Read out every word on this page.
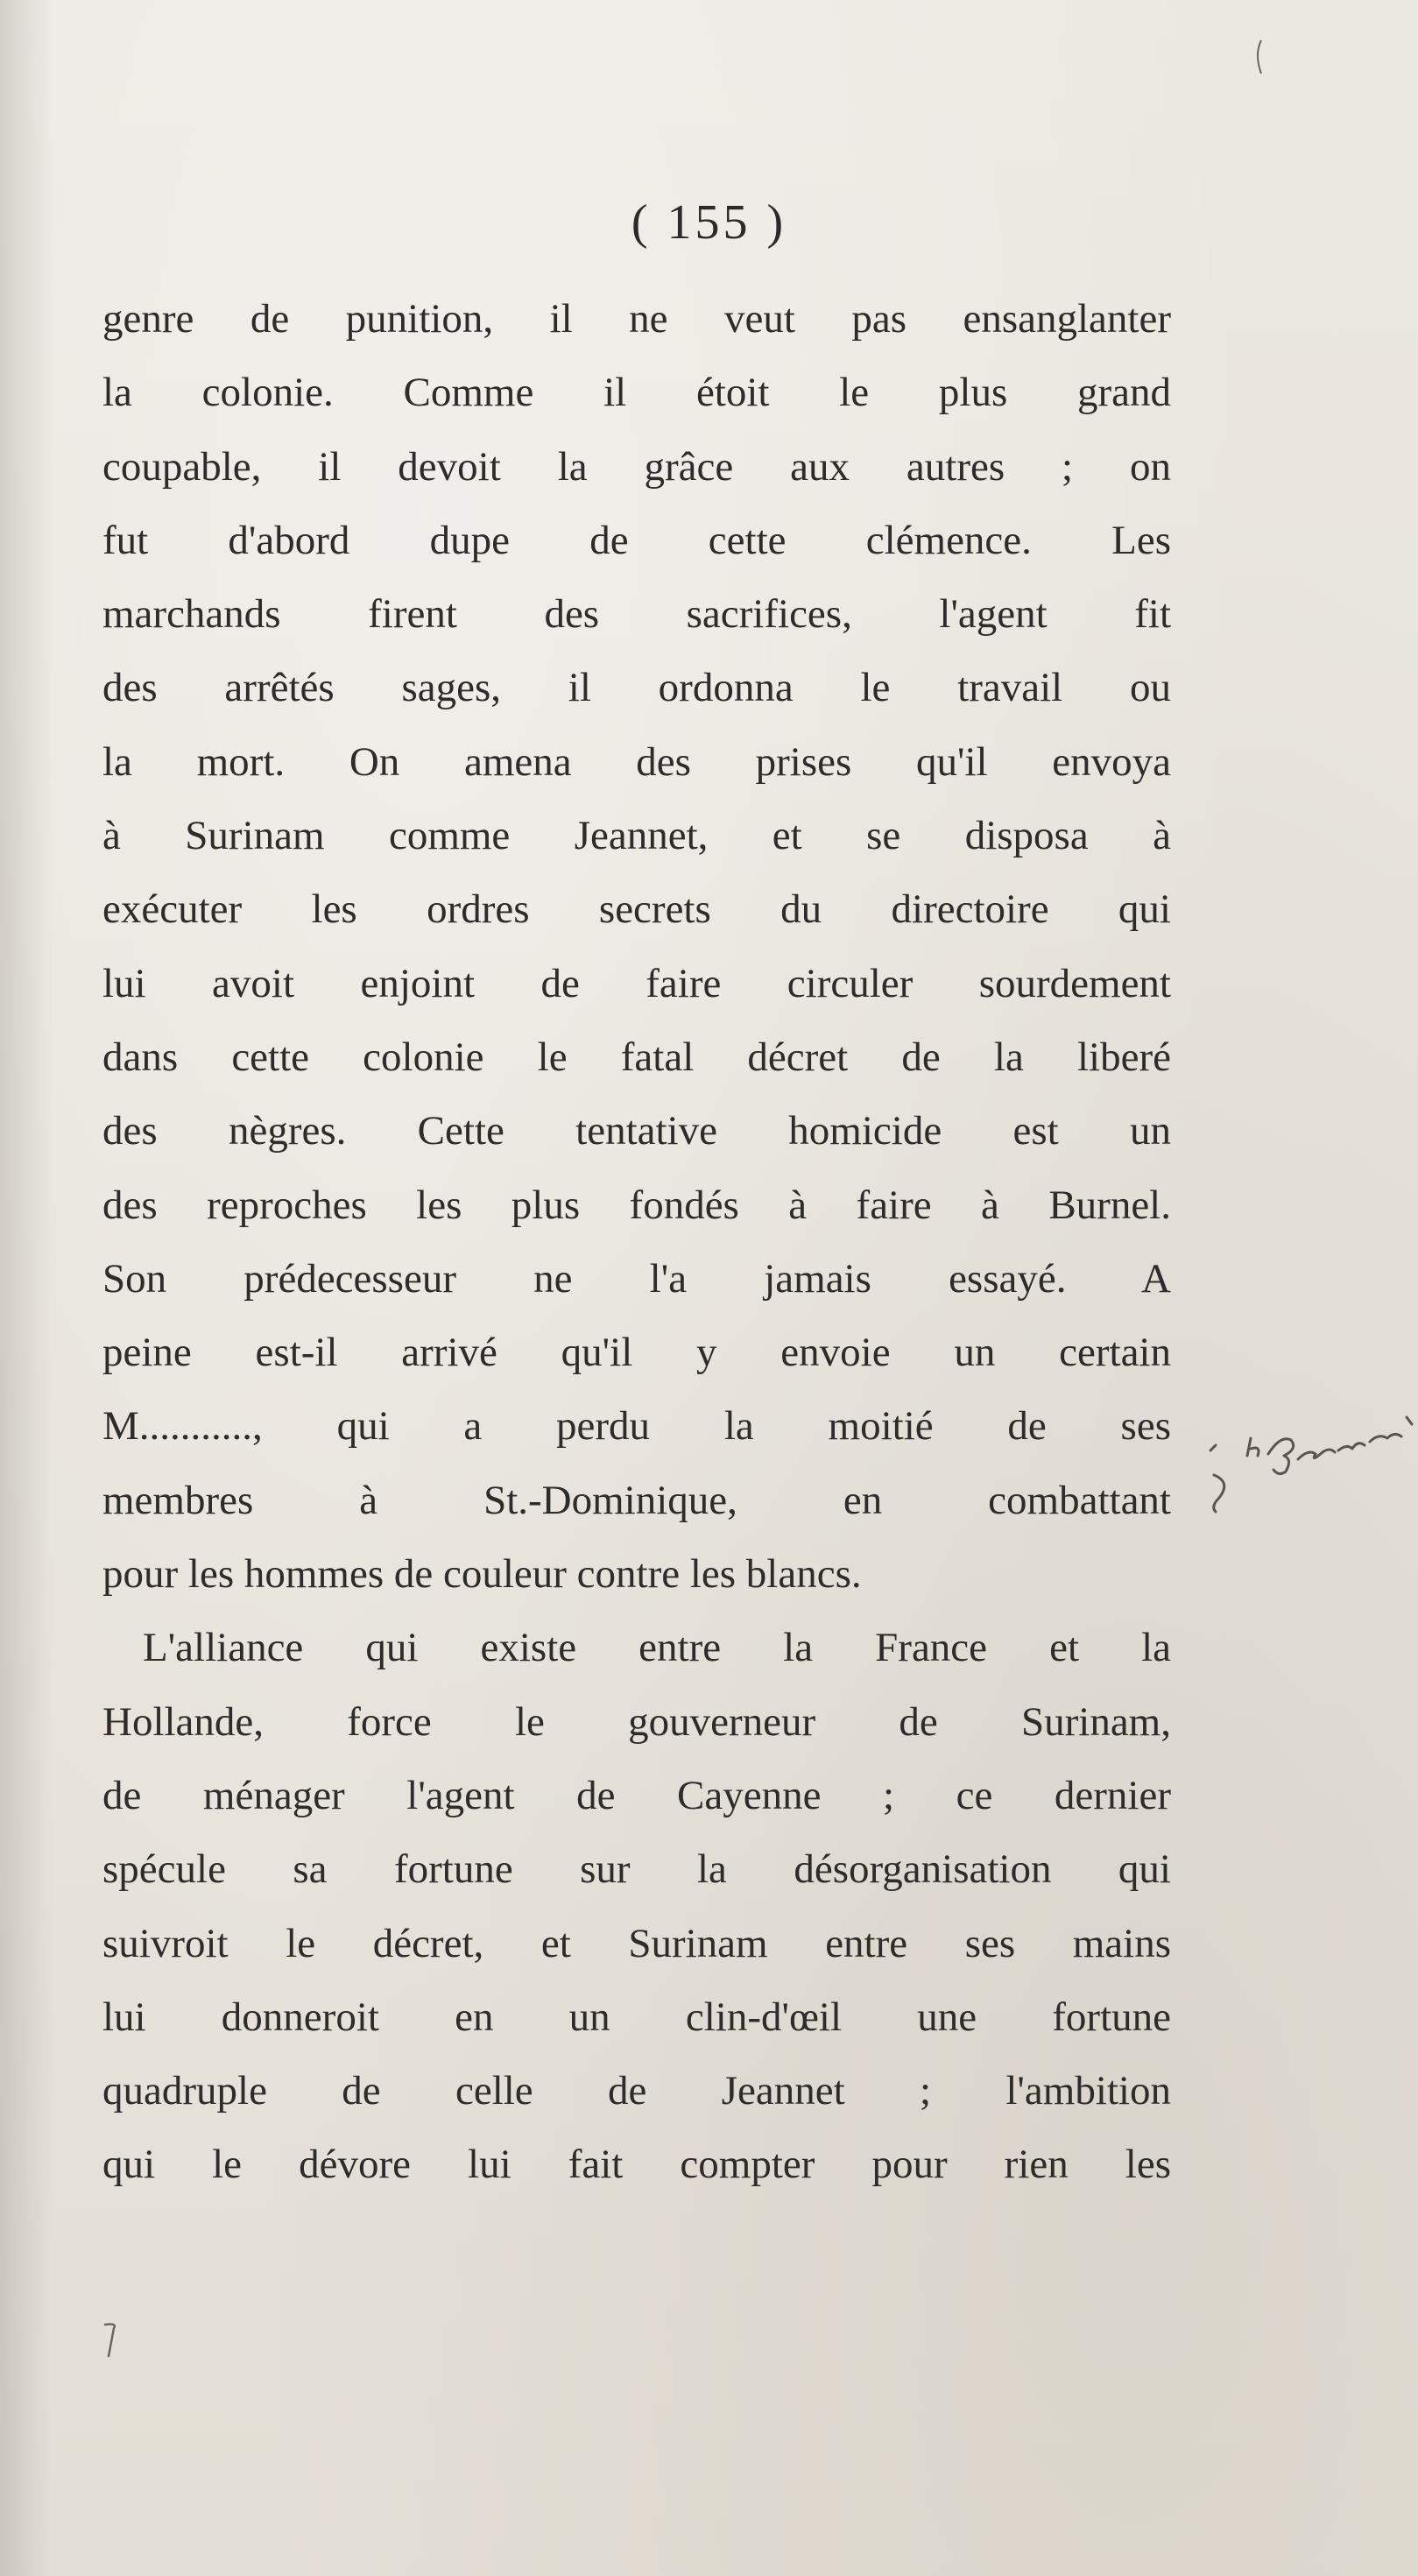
( 155 )
genre de punition, il ne veut pas ensanglanter
la colonie. Comme il étoit le plus grand
coupable, il devoit la grâce aux autres ; on
fut d'abord dupe de cette clémence. Les
marchands firent des sacrifices, l'agent fit
des arrêtés sages, il ordonna le travail ou
la mort. On amena des prises qu'il envoya
à Surinam comme Jeannet, et se disposa à
exécuter les ordres secrets du directoire qui
lui avoit enjoint de faire circuler sourdement
dans cette colonie le fatal décret de la liberé
des nègres. Cette tentative homicide est un
des reproches les plus fondés à faire à Burnel.
Son prédecesseur ne l'a jamais essayé. A
peine est-il arrivé qu'il y envoie un certain
M..........., qui a perdu la moitié de ses
membres à St.-Dominique, en combattant
pour les hommes de couleur contre les blancs.
L'alliance qui existe entre la France et la
Hollande, force le gouverneur de Surinam,
de ménager l'agent de Cayenne ; ce dernier
spécule sa fortune sur la désorganisation qui
suivroit le décret, et Surinam entre ses mains
lui donneroit en un clin-d'œil une fortune
quadruple de celle de Jeannet ; l'ambition
qui le dévore lui fait compter pour rien les
